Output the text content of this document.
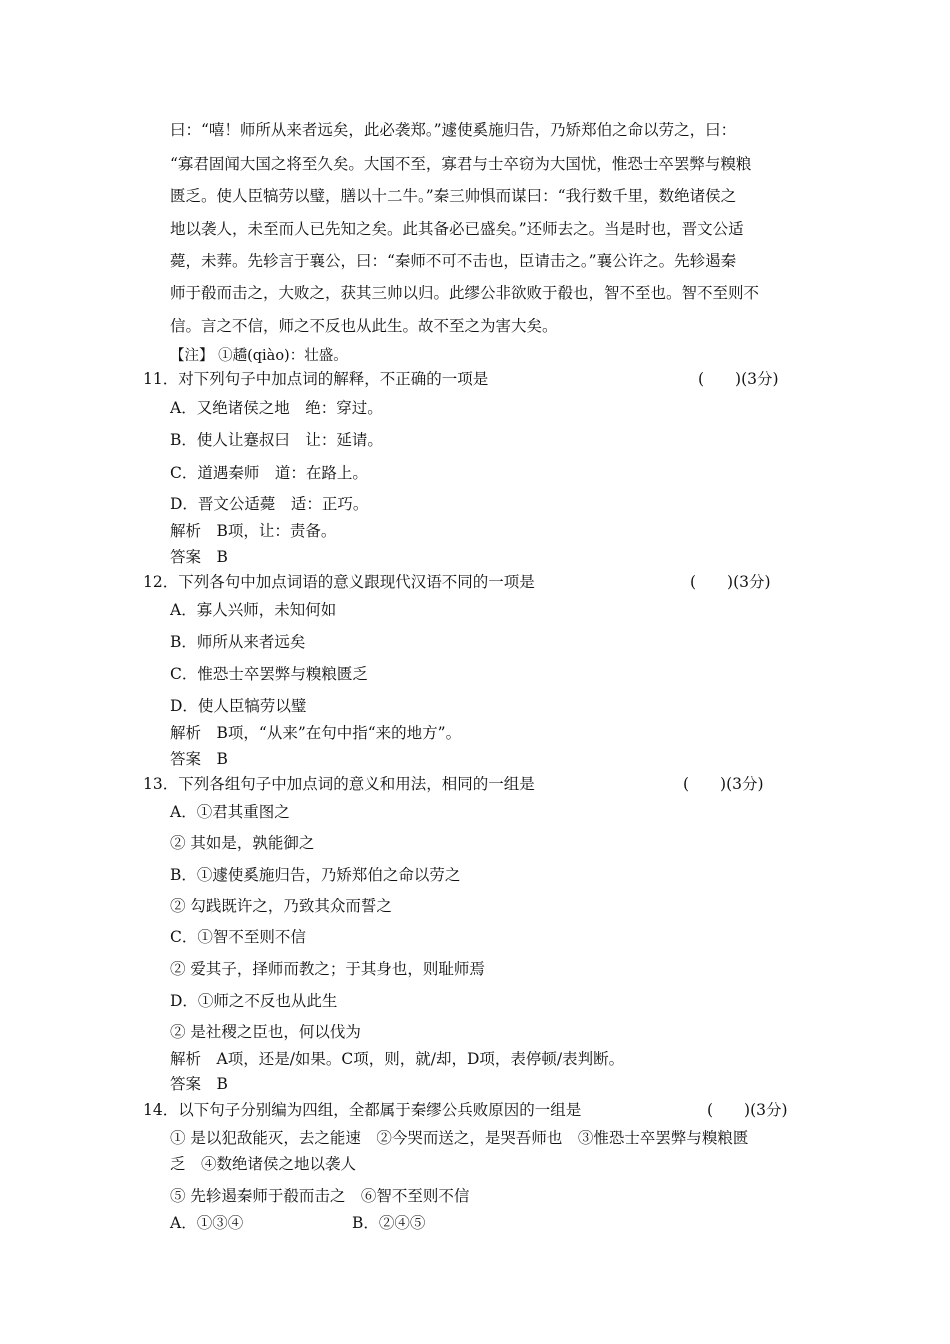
曰：“嘻！师所从来者远矣，此必袭郑。”遽使奚施归告，乃矫郑伯之命以劳之，曰：
“寡君固闻大国之将至久矣。大国不至，寡君与士卒窃为大国忧，惟恐士卒罢弊与糗粮
匮乏。使人臣犒劳以璧，膳以十二牛。”秦三帅惧而谋曰：“我行数千里，数绝诸侯之
地以袭人，未至而人已先知之矣。此其备必已盛矣。”还师去之。当是时也，晋文公适
薨，未葬。先轸言于襄公，曰：“秦师不可不击也，臣请击之。”襄公许之。先轸遏秦
师于殽而击之，大败之，获其三帅以归。此缪公非欲败于殽也，智不至也。智不至则不
信。言之不信，师之不反也从此生。故不至之为害大矣。
【注】 ①趫(qiào)：壮盛。
11．对下列句子中加点词的解释，不正确的一项是	(　　)(3分)
A．又绝诸侯之地　绝：穿过。
B．使人让蹇叔曰　让：延请。
C．道遇秦师　道：在路上。
D．晋文公适薨　适：正巧。
解析　B项，让：责备。
答案　B
12．下列各句中加点词语的意义跟现代汉语不同的一项是	(　　)(3分)
A．寡人兴师，未知何如
B．师所从来者远矣
C．惟恐士卒罢弊与糗粮匮乏
D．使人臣犒劳以璧
解析　B项，“从来”在句中指“来的地方”。
答案　B
13．下列各组句子中加点词的意义和用法，相同的一组是	(　　)(3分)
A．①君其重图之
② 其如是，孰能御之
B．①遽使奚施归告，乃矫郑伯之命以劳之
② 勾践既许之，乃致其众而誓之
C．①智不至则不信
② 爱其子，择师而教之；于其身也，则耻师焉
D．①师之不反也从此生
② 是社稷之臣也，何以伐为
解析　A项，还是/如果。C项，则，就/却，D项，表停顿/表判断。
答案　B
14．以下句子分别编为四组，全都属于秦缪公兵败原因的一组是	(　　)(3分)
① 是以犯敌能灭，去之能速　②今哭而送之，是哭吾师也　③惟恐士卒罢弊与糗粮匮
乏　④数绝诸侯之地以袭人
⑤ 先轸遏秦师于殽而击之　⑥智不至则不信
A．①③④	B．②④⑤
